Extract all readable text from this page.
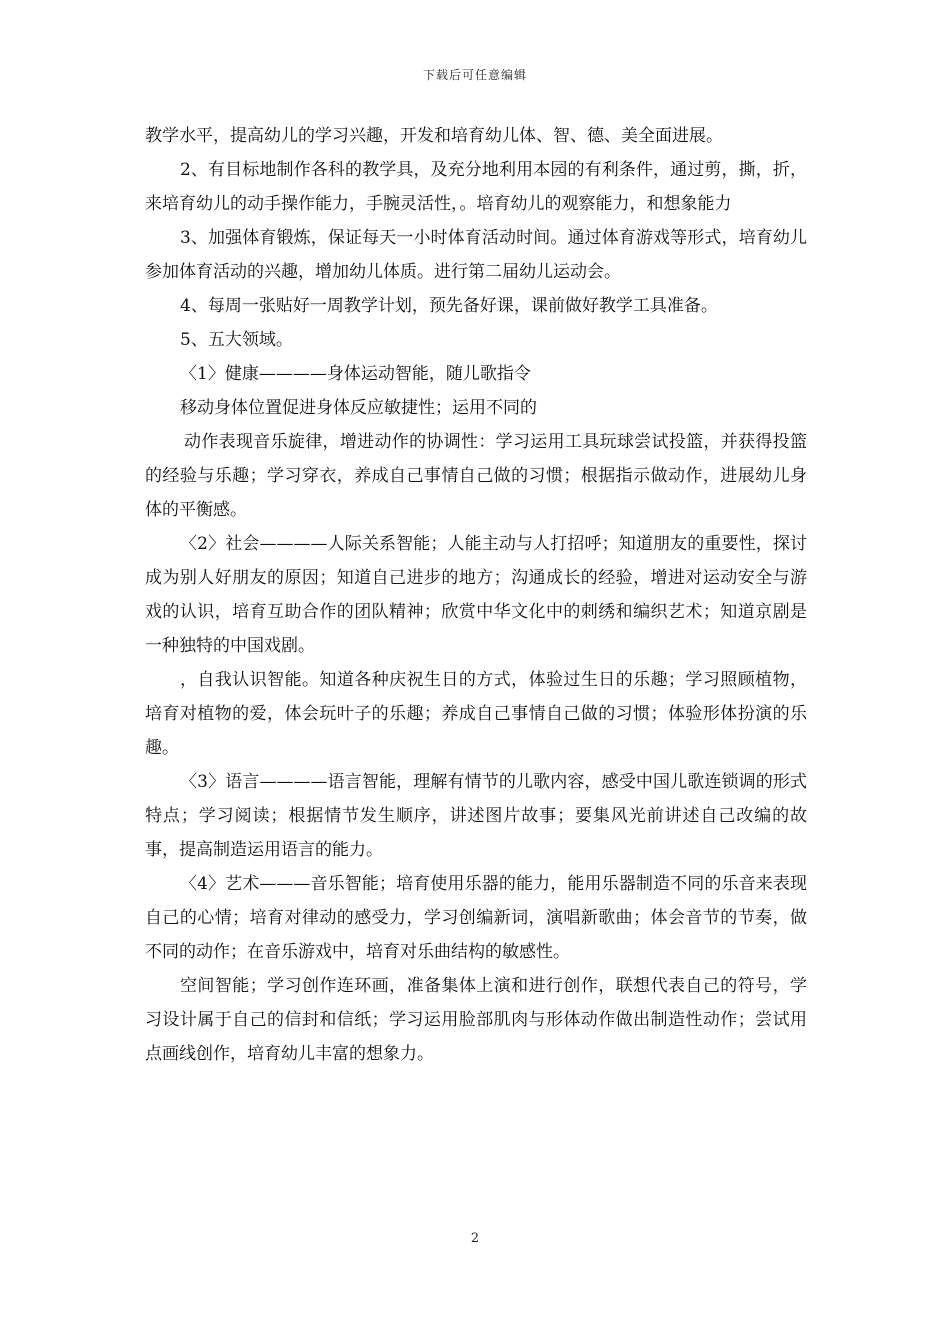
下载后可任意编辑

教学水平，提高幼儿的学习兴趣，开发和培育幼儿体、智、德、美全面进展。

2、有目标地制作各科的教学具，及充分地利用本园的有利条件，通过剪，撕，折，来培育幼儿的动手操作能力，手腕灵活性，。培育幼儿的观察能力，和想象能力

3、加强体育锻炼，保证每天一小时体育活动时间。通过体育游戏等形式，培育幼儿参加体育活动的兴趣，增加幼儿体质。进行第二届幼儿运动会。

4、每周一张贴好一周教学计划，预先备好课，课前做好教学工具准备。

5、五大领域。

〈1〉健康————身体运动智能，随儿歌指令

移动身体位置促进身体反应敏捷性；运用不同的

动作表现音乐旋律，增进动作的协调性：学习运用工具玩球尝试投篮，并获得投篮的经验与乐趣；学习穿衣，养成自己事情自己做的习惯；根据指示做动作，进展幼儿身体的平衡感。

〈2〉社会————人际关系智能；人能主动与人打招呼；知道朋友的重要性，探讨成为别人好朋友的原因；知道自己进步的地方；沟通成长的经验，增进对运动安全与游戏的认识，培育互助合作的团队精神；欣赏中华文化中的刺绣和编织艺术；知道京剧是一种独特的中国戏剧。

，自我认识智能。知道各种庆祝生日的方式，体验过生日的乐趣；学习照顾植物，培育对植物的爱，体会玩叶子的乐趣；养成自己事情自己做的习惯；体验形体扮演的乐趣。

〈3〉语言————语言智能，理解有情节的儿歌内容，感受中国儿歌连锁调的形式特点；学习阅读；根据情节发生顺序，讲述图片故事；要集风光前讲述自己改编的故事，提高制造运用语言的能力。

〈4〉艺术———音乐智能；培育使用乐器的能力，能用乐器制造不同的乐音来表现自己的心情；培育对律动的感受力，学习创编新词，演唱新歌曲；体会音节的节奏，做不同的动作；在音乐游戏中，培育对乐曲结构的敏感性。

空间智能；学习创作连环画，准备集体上演和进行创作，联想代表自己的符号，学习设计属于自己的信封和信纸；学习运用脸部肌肉与形体动作做出制造性动作；尝试用点画线创作，培育幼儿丰富的想象力。

2
